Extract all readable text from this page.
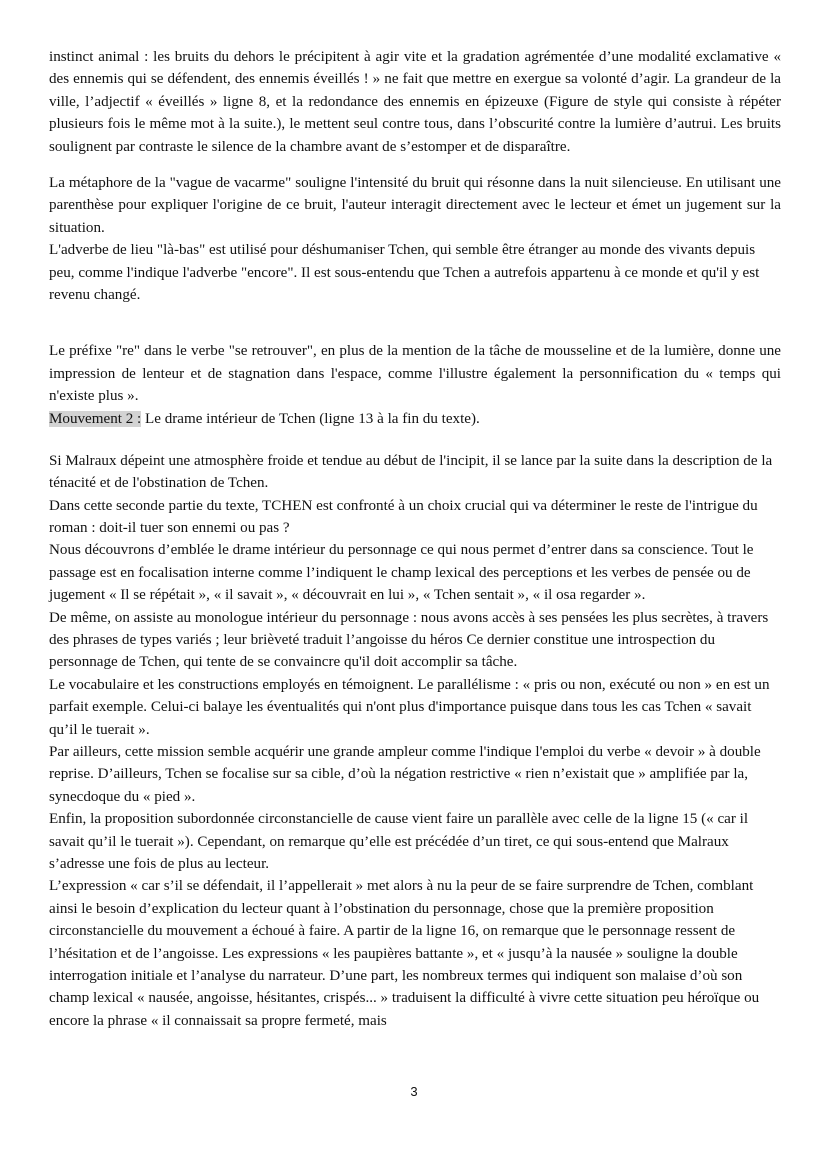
instinct animal : les bruits du dehors le précipitent à agir vite et la gradation agrémentée d’une modalité exclamative « des ennemis qui se défendent, des ennemis éveillés ! » ne fait que mettre en exergue sa volonté d’agir. La grandeur de la ville, l’adjectif « éveillés » ligne 8, et la redondance des ennemis en épizeuxe (Figure de style qui consiste à répéter plusieurs fois le même mot à la suite.), le mettent seul contre tous, dans l’obscurité contre la lumière d’autrui. Les bruits soulignent par contraste le silence de la chambre avant de s’estomper et de disparaître.

La métaphore de la "vague de vacarme" souligne l'intensité du bruit qui résonne dans la nuit silencieuse. En utilisant une parenthèse pour expliquer l'origine de ce bruit, l'auteur interagit directement avec le lecteur et émet un jugement sur la situation.

L'adverbe de lieu "là-bas" est utilisé pour déshumaniser Tchen, qui semble être étranger au monde des vivants depuis peu, comme l'indique l'adverbe "encore". Il est sous-entendu que Tchen a autrefois appartenu à ce monde et qu'il y est revenu changé.

Le préfixe "re" dans le verbe "se retrouver", en plus de la mention de la tâche de mousseline et de la lumière, donne une impression de lenteur et de stagnation dans l'espace, comme l'illustre également la personnification du « temps qui n'existe plus ».

Mouvement 2 : Le drame intérieur de Tchen (ligne 13 à la fin du texte).

Si Malraux dépeint une atmosphère froide et tendue au début de l'incipit, il se lance par la suite dans la description de la ténacité et de l'obstination de Tchen.

Dans cette seconde partie du texte, TCHEN est confronté à un choix crucial qui va déterminer le reste de l'intrigue du roman : doit-il tuer son ennemi ou pas ?

Nous découvrons d’emblée le drame intérieur du personnage ce qui nous permet d’entrer dans sa conscience. Tout le passage est en focalisation interne comme l’indiquent le champ lexical des perceptions et les verbes de pensée ou de jugement « Il se répétait », « il savait », « découvrait en lui », « Tchen sentait », « il osa regarder ».

De même, on assiste au monologue intérieur du personnage : nous avons accès à ses pensées les plus secrètes, à travers des phrases de types variés ; leur brièveté traduit l’angoisse du héros Ce dernier constitue une introspection du personnage de Tchen, qui tente de se convaincre qu'il doit accomplir sa tâche.

Le vocabulaire et les constructions employés en témoignent. Le parallélisme : « pris ou non, exécuté ou non » en est un parfait exemple. Celui-ci balaye les éventualités qui n'ont plus d'importance puisque dans tous les cas Tchen « savait qu’il le tuerait ».

Par ailleurs, cette mission semble acquérir une grande ampleur comme l'indique l'emploi du verbe « devoir » à double reprise. D’ailleurs, Tchen se focalise sur sa cible, d’où la négation restrictive « rien n’existait que » amplifiée par la, synecdoque du « pied ».

Enfin, la proposition subordonnée circonstancielle de cause vient faire un parallèle avec celle de la ligne 15 (« car il savait qu’il le tuerait »). Cependant, on remarque qu’elle est précédée d’un tiret, ce qui sous-entend que Malraux s’adresse une fois de plus au lecteur.

L’expression « car s’il se défendait, il l’appellerait » met alors à nu la peur de se faire surprendre de Tchen, comblant ainsi le besoin d’explication du lecteur quant à l’obstination du personnage, chose que la première proposition circonstancielle du mouvement a échoué à faire. A partir de la ligne 16, on remarque que le personnage ressent de l’hésitation et de l’angoisse. Les expressions « les paupières battante », et « jusqu’à la nausée » souligne la double interrogation initiale et l’analyse du narrateur. D’une part, les nombreux termes qui indiquent son malaise d’où son champ lexical « nausée, angoisse, hésitantes, crispés... » traduisent la difficulté à vivre cette situation peu héroïque ou encore la phrase « il connaissait sa propre fermeté, mais

3
